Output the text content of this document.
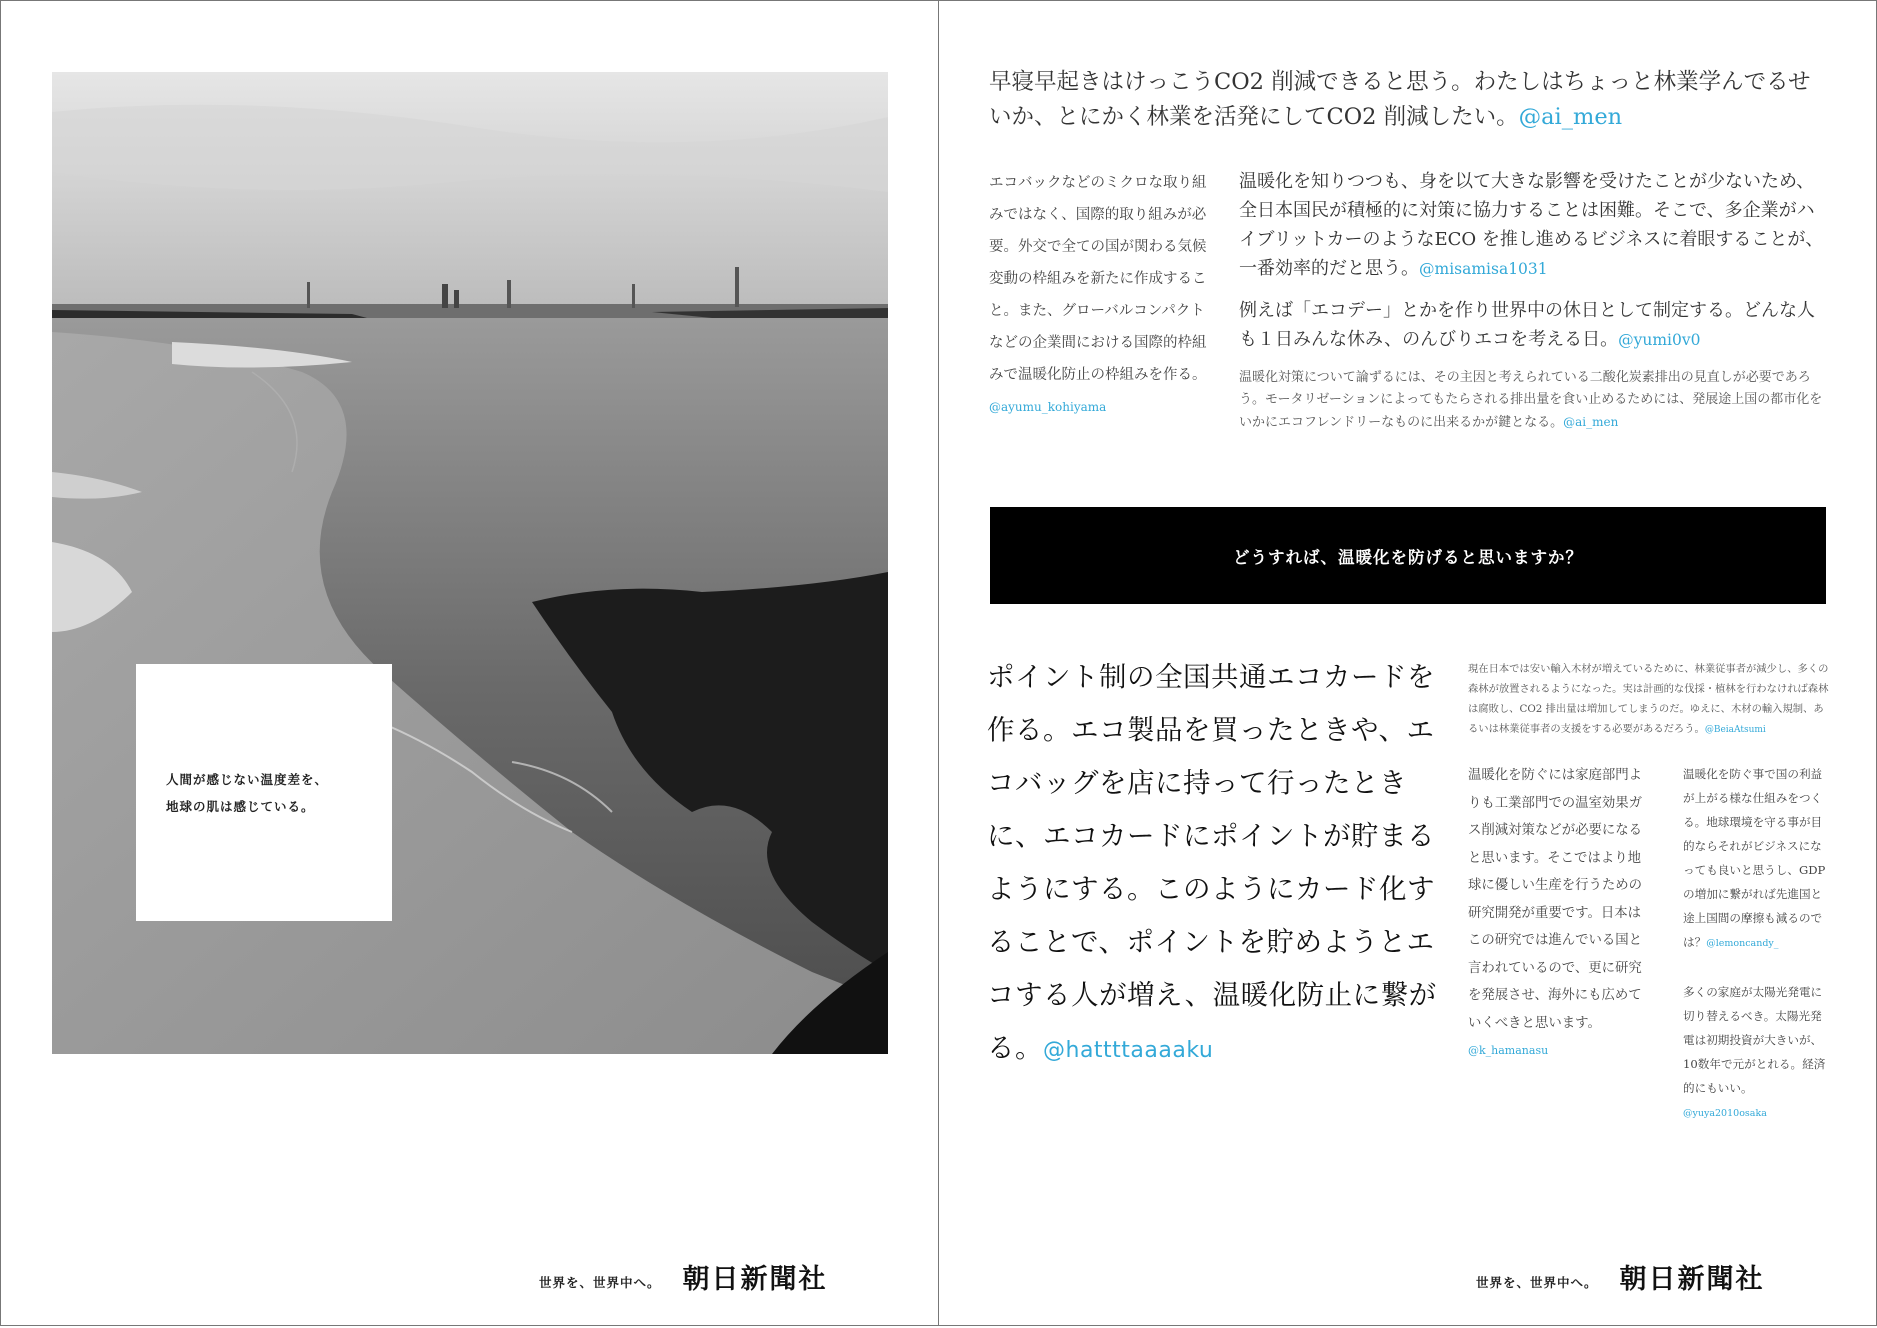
人間が感じない温度差を、
地球の肌は感じている。
世界を、世界中へ。 朝日新聞社
早寝早起きはけっこうCO2 削減できると思う。わたしはちょっと林業学んでるせいか、とにかく林業を活発にしてCO2 削減したい。@ai_men
エコバックなどのミクロな取り組みではなく、国際的取り組みが必要。外交で全ての国が関わる気候変動の枠組みを新たに作成すること。また、グローバルコンパクトなどの企業間における国際的枠組みで温暖化防止の枠組みを作る。@ayumu_kohiyama

温暖化を知りつつも、身を以て大きな影響を受けたことが少ないため、全日本国民が積極的に対策に協力することは困難。そこで、多企業がハイブリットカーのようなECO を推し進めるビジネスに着眼することが、一番効率的だと思う。@misamisa1031

例えば「エコデー」とかを作り世界中の休日として制定する。どんな人も１日みんな休み、のんびりエコを考える日。@yumi0v0

温暖化対策について論ずるには、その主因と考えられている二酸化炭素排出の見直しが必要であろう。モータリゼーションによってもたらされる排出量を食い止めるためには、発展途上国の都市化をいかにエコフレンドリーなものに出来るかが鍵となる。@ai_men

どうすれば、温暖化を防げると思いますか？
ポイント制の全国共通エコカードを作る。エコ製品を買ったときや、エコバッグを店に持って行ったときに、エコカードにポイントが貯まるようにする。このようにカード化することで、ポイントを貯めようとエコする人が増え、温暖化防止に繋がる。@hattttaaaaku
現在日本では安い輸入木材が増えているために、林業従事者が減少し、多くの森林が放置されるようになった。実は計画的な伐採・植林を行わなければ森林は腐敗し、CO2 排出量は増加してしまうのだ。ゆえに、木材の輸入規制、あるいは林業従事者の支援をする必要があるだろう。@BeiaAtsumi
温暖化を防ぐには家庭部門よりも工業部門での温室効果ガス削減対策などが必要になると思います。そこではより地球に優しい生産を行うための研究開発が重要です。日本はこの研究では進んでいる国と言われているので、更に研究を発展させ、海外にも広めていくべきと思います。@k_hamanasu

温暖化を防ぐ事で国の利益が上がる様な仕組みをつくる。地球環境を守る事が目的ならそれがビジネスになっても良いと思うし、GDP の増加に繋がれば先進国と途上国間の摩擦も減るのでは？@lemoncandy_

多くの家庭が太陽光発電に切り替えるべき。太陽光発電は初期投資が大きいが、10数年で元がとれる。経済的にもいい。@yuya2010osaka

世界を、世界中へ。 朝日新聞社
